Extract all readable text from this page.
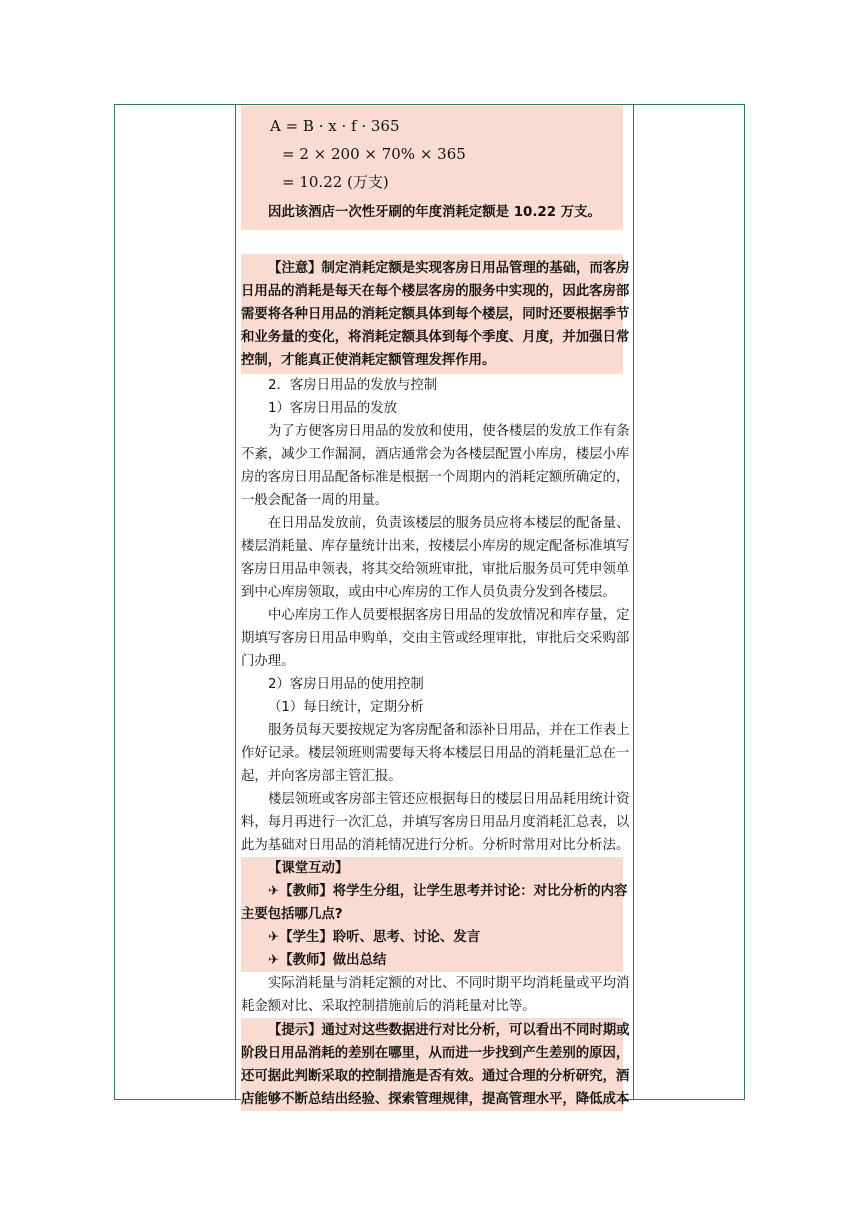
A = B · x · f · 365
= 2 × 200 × 70% × 365
= 10.22 (万支)
因此该酒店一次性牙刷的年度消耗定额是 10.22 万支。
【注意】制定消耗定额是实现客房日用品管理的基础，而客房
日用品的消耗是每天在每个楼层客房的服务中实现的，因此客房部
需要将各种日用品的消耗定额具体到每个楼层，同时还要根据季节
和业务量的变化，将消耗定额具体到每个季度、月度，并加强日常
控制，才能真正使消耗定额管理发挥作用。
2．客房日用品的发放与控制
1）客房日用品的发放
为了方便客房日用品的发放和使用，使各楼层的发放工作有条
不紊，减少工作漏洞，酒店通常会为各楼层配置小库房，楼层小库
房的客房日用品配备标准是根据一个周期内的消耗定额所确定的，
一般会配备一周的用量。
在日用品发放前，负责该楼层的服务员应将本楼层的配备量、
楼层消耗量、库存量统计出来，按楼层小库房的规定配备标准填写
客房日用品申领表，将其交给领班审批，审批后服务员可凭申领单
到中心库房领取，或由中心库房的工作人员负责分发到各楼层。
中心库房工作人员要根据客房日用品的发放情况和库存量，定
期填写客房日用品申购单，交由主管或经理审批，审批后交采购部
门办理。
2）客房日用品的使用控制
（1）每日统计，定期分析
服务员每天要按规定为客房配备和添补日用品，并在工作表上
作好记录。楼层领班则需要每天将本楼层日用品的消耗量汇总在一
起，并向客房部主管汇报。
楼层领班或客房部主管还应根据每日的楼层日用品耗用统计资
料，每月再进行一次汇总，并填写客房日用品月度消耗汇总表，以
此为基础对日用品的消耗情况进行分析。分析时常用对比分析法。
【课堂互动】
✈【教师】将学生分组，让学生思考并讨论：对比分析的内容
主要包括哪几点?
✈【学生】聆听、思考、讨论、发言
✈【教师】做出总结
实际消耗量与消耗定额的对比、不同时期平均消耗量或平均消
耗金额对比、采取控制措施前后的消耗量对比等。
【提示】通过对这些数据进行对比分析，可以看出不同时期或
阶段日用品消耗的差别在哪里，从而进一步找到产生差别的原因，
还可据此判断采取的控制措施是否有效。通过合理的分析研究，酒
店能够不断总结出经验、探索管理规律，提高管理水平，降低成本
